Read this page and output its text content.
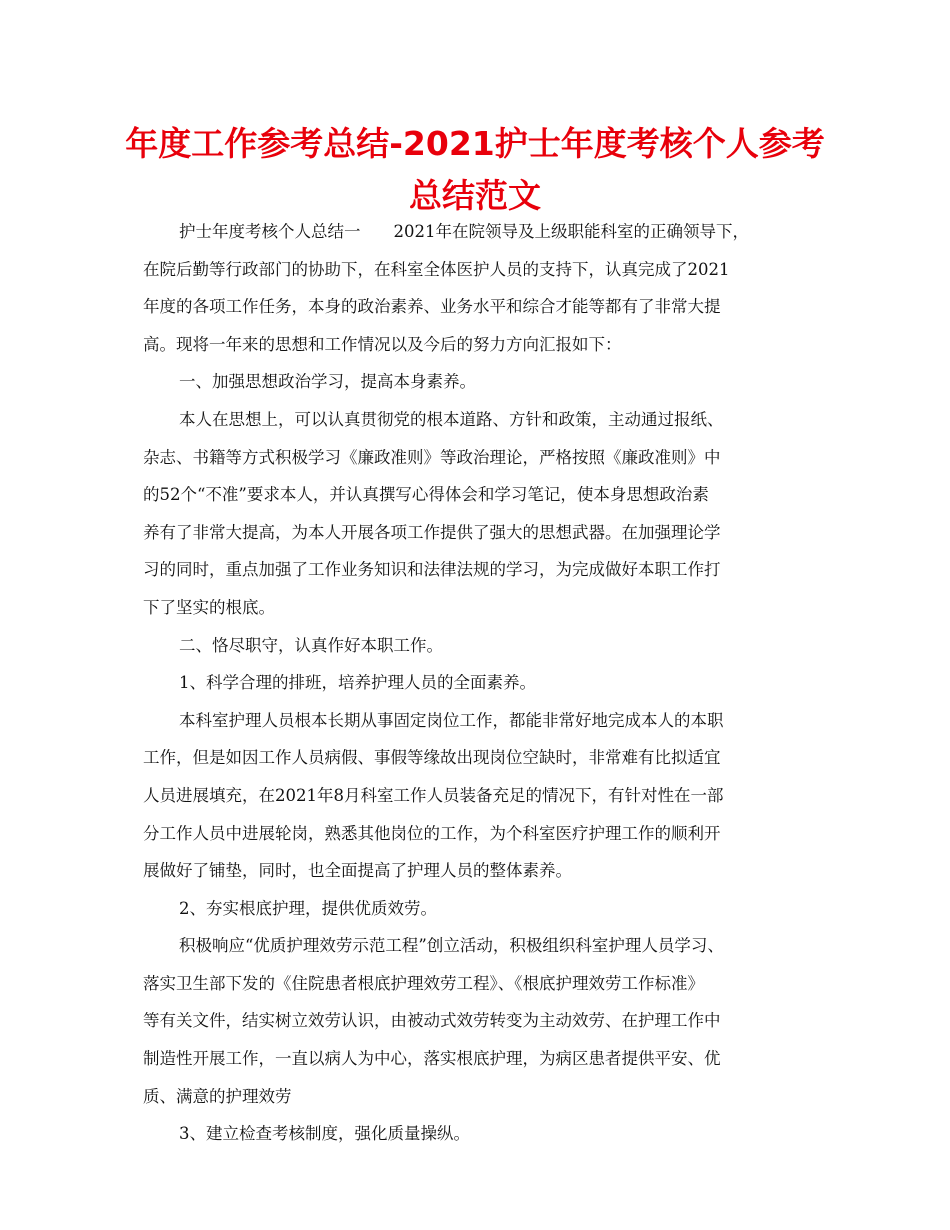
年度工作参考总结-2021护士年度考核个人参考
总结范文
护士年度考核个人总结一　　2021年在院领导及上级职能科室的正确领导下，
在院后勤等行政部门的协助下，在科室全体医护人员的支持下，认真完成了2021
年度的各项工作任务，本身的政治素养、业务水平和综合才能等都有了非常大提
高。现将一年来的思想和工作情况以及今后的努力方向汇报如下：
一、加强思想政治学习，提高本身素养。
本人在思想上，可以认真贯彻党的根本道路、方针和政策，主动通过报纸、
杂志、书籍等方式积极学习《廉政准则》等政治理论，严格按照《廉政准则》中
的52个“不准”要求本人，并认真撰写心得体会和学习笔记，使本身思想政治素
养有了非常大提高，为本人开展各项工作提供了强大的思想武器。在加强理论学
习的同时，重点加强了工作业务知识和法律法规的学习，为完成做好本职工作打
下了坚实的根底。
二、恪尽职守，认真作好本职工作。
1、科学合理的排班，培养护理人员的全面素养。
本科室护理人员根本长期从事固定岗位工作，都能非常好地完成本人的本职
工作，但是如因工作人员病假、事假等缘故出现岗位空缺时，非常难有比拟适宜
人员进展填充，在2021年8月科室工作人员装备充足的情况下，有针对性在一部
分工作人员中进展轮岗，熟悉其他岗位的工作，为个科室医疗护理工作的顺利开
展做好了铺垫，同时，也全面提高了护理人员的整体素养。
2、夯实根底护理，提供优质效劳。
积极响应“优质护理效劳示范工程”创立活动，积极组织科室护理人员学习、
落实卫生部下发的《住院患者根底护理效劳工程》、《根底护理效劳工作标准》
等有关文件，结实树立效劳认识，由被动式效劳转变为主动效劳、在护理工作中
制造性开展工作，一直以病人为中心，落实根底护理，为病区患者提供平安、优
质、满意的护理效劳
3、建立检查考核制度，强化质量操纵。
